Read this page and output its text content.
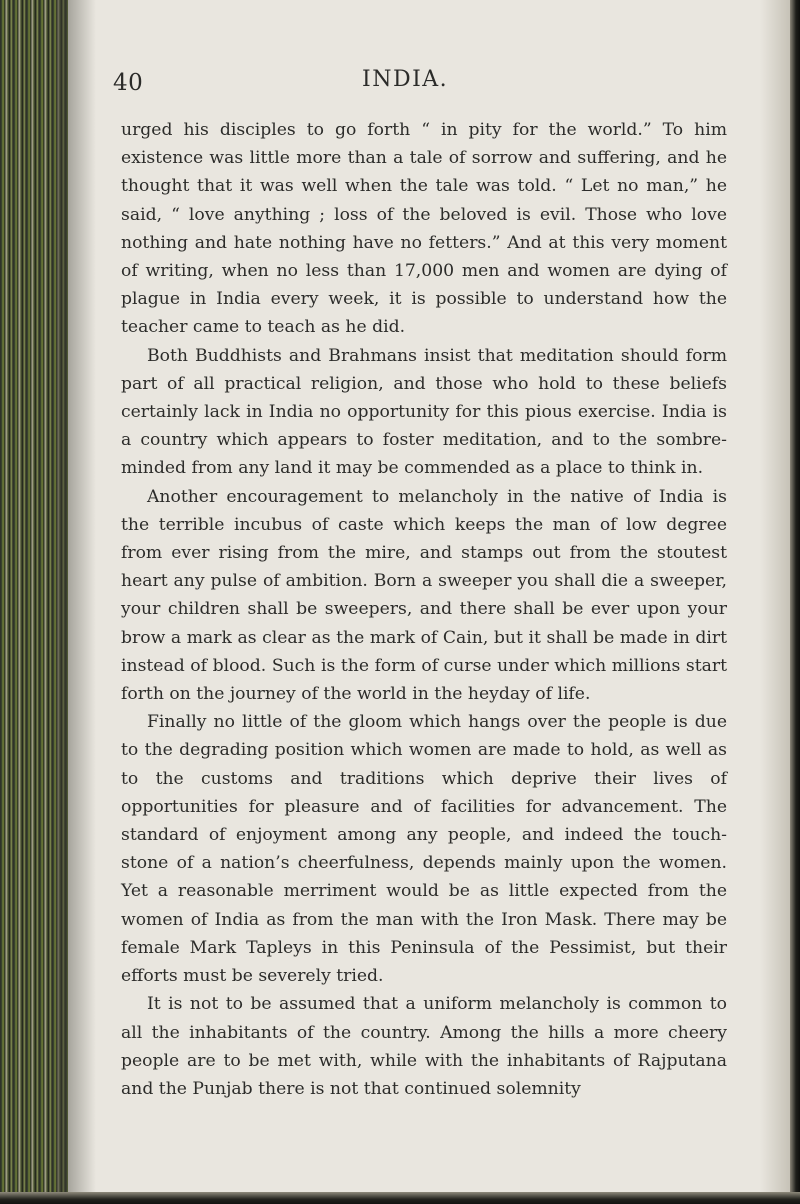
40	INDIA.

urged his disciples to go forth “ in pity for the world.” To him existence was little more than a tale of sorrow and suffering, and he thought that it was well when the tale was told. “ Let no man,” he said, “ love anything ; loss of the beloved is evil. Those who love nothing and hate nothing have no fetters.” And at this very moment of writing, when no less than 17,000 men and women are dying of plague in India every week, it is possible to understand how the teacher came to teach as he did.

Both Buddhists and Brahmans insist that meditation should form part of all practical religion, and those who hold to these beliefs certainly lack in India no opportunity for this pious exercise. India is a country which appears to foster meditation, and to the sombre-minded from any land it may be commended as a place to think in.

Another encouragement to melancholy in the native of India is the terrible incubus of caste which keeps the man of low degree from ever rising from the mire, and stamps out from the stoutest heart any pulse of ambition. Born a sweeper you shall die a sweeper, your children shall be sweepers, and there shall be ever upon your brow a mark as clear as the mark of Cain, but it shall be made in dirt instead of blood. Such is the form of curse under which millions start forth on the journey of the world in the heyday of life.

Finally no little of the gloom which hangs over the people is due to the degrading position which women are made to hold, as well as to the customs and traditions which deprive their lives of opportunities for pleasure and of facilities for advancement. The standard of enjoyment among any people, and indeed the touch-stone of a nation’s cheerfulness, depends mainly upon the women. Yet a reasonable merriment would be as little expected from the women of India as from the man with the Iron Mask. There may be female Mark Tapleys in this Peninsula of the Pessimist, but their efforts must be severely tried.

It is not to be assumed that a uniform melancholy is common to all the inhabitants of the country. Among the hills a more cheery people are to be met with, while with the inhabitants of Rajputana and the Punjab there is not that continued solemnity
